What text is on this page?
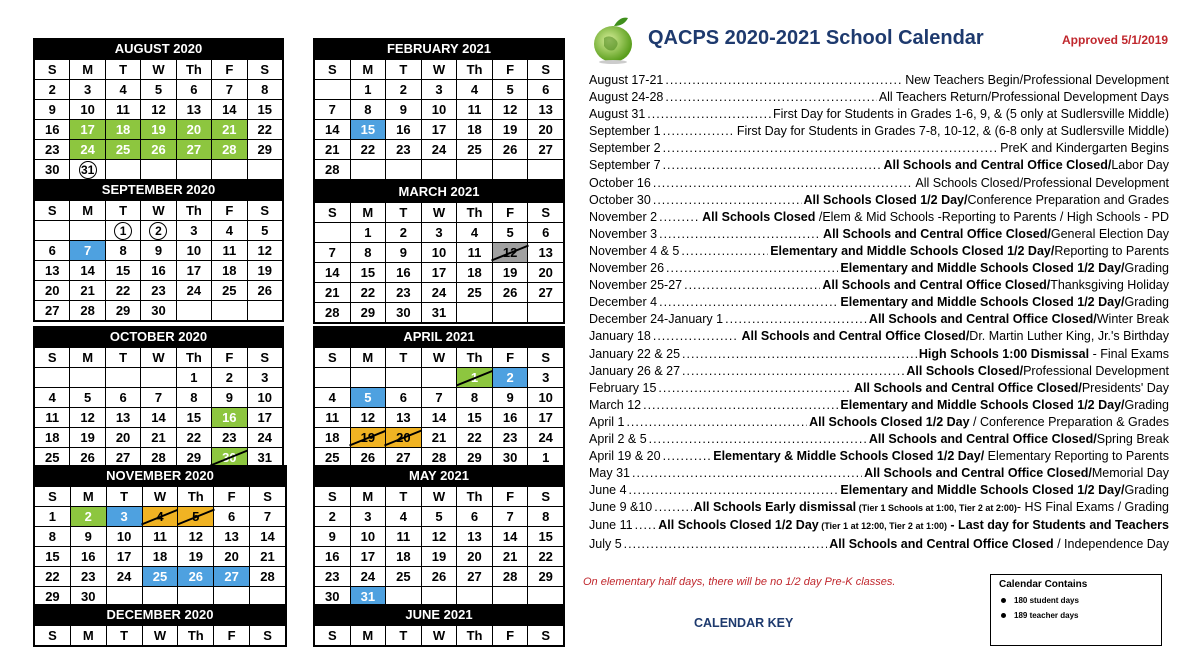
QACPS 2020-2021 School Calendar	Approved 5/1/2019
AUGUST 2020
S	M	T	W	Th	F	S
2	3	4	5	6	7	8
9	10	11	12	13	14	15
16	17	18	19	20	21	22
23	24	25	26	27	28	29
30	31					
SEPTEMBER 2020
S	M	T	W	Th	F	S
		1	2	3	4	5
6	7	8	9	10	11	12
13	14	15	16	17	18	19
20	21	22	23	24	25	26
27	28	29	30			
OCTOBER 2020
S	M	T	W	Th	F	S
				1	2	3
4	5	6	7	8	9	10
11	12	13	14	15	16	17
18	19	20	21	22	23	24
25	26	27	28	29	30	31
NOVEMBER 2020
S	M	T	W	Th	F	S
1	2	3	4	5	6	7
8	9	10	11	12	13	14
15	16	17	18	19	20	21
22	23	24	25	26	27	28
29	30					
DECEMBER 2020
S	M	T	W	Th	F	S
FEBRUARY 2021
S	M	T	W	Th	F	S
	1	2	3	4	5	6
7	8	9	10	11	12	13
14	15	16	17	18	19	20
21	22	23	24	25	26	27
28						
MARCH 2021
S	M	T	W	Th	F	S
	1	2	3	4	5	6
7	8	9	10	11	12	13
14	15	16	17	18	19	20
21	22	23	24	25	26	27
28	29	30	31			
APRIL 2021
S	M	T	W	Th	F	S
				1	2	3
4	5	6	7	8	9	10
11	12	13	14	15	16	17
18	19	20	21	22	23	24
25	26	27	28	29	30	1
MAY 2021
S	M	T	W	Th	F	S
2	3	4	5	6	7	8
9	10	11	12	13	14	15
16	17	18	19	20	21	22
23	24	25	26	27	28	29
30	31					
JUNE 2021
S	M	T	W	Th	F	S
August 17-21 .....	New Teachers Begin/Professional Development
August 24-28 .....	All Teachers Return/Professional Development Days
August 31 .....	First Day for Students in Grades 1-6, 9, & (5 only at Sudlersville Middle)
September 1 .....	First Day for Students in Grades 7-8, 10-12, & (6-8 only at Sudlersville Middle)
September 2 .....	PreK and Kindergarten Begins
September 7 .....	All Schools and Central Office Closed/Labor Day
October 16 .....	All Schools Closed/Professional Development
October 30 .....	All Schools Closed 1/2 Day/Conference Preparation and Grades
November 2 .....	All Schools Closed /Elem & Mid Schools -Reporting to Parents / High Schools - PD
November 3 .....	All Schools and Central Office Closed/General Election Day
November 4 & 5 .....	Elementary and Middle Schools Closed 1/2 Day/Reporting to Parents
November 26 .....	Elementary and Middle Schools Closed 1/2 Day/Grading
November 25-27 .....	All Schools and Central Office Closed/Thanksgiving Holiday
December 4 .....	Elementary and Middle Schools Closed 1/2 Day/Grading
December 24-January 1 .....	All Schools and Central Office Closed/Winter Break
January 18 .....	All Schools and Central Office Closed/Dr. Martin Luther King, Jr.'s Birthday
January 22 & 25 .....	High Schools 1:00 Dismissal - Final Exams
January 26 & 27 .....	All Schools Closed/Professional Development
February 15 .....	All Schools and Central Office Closed/Presidents' Day
March 12 .....	Elementary and Middle Schools Closed 1/2 Day/Grading
April 1 .....	All Schools Closed 1/2 Day / Conference Preparation & Grades
April 2 & 5 .....	All Schools and Central Office Closed/Spring Break
April 19 & 20 .....	Elementary & Middle Schools Closed 1/2 Day/ Elementary Reporting to Parents
May 31 .....	All Schools and Central Office Closed/Memorial Day
June 4 .....	Elementary and Middle Schools Closed 1/2 Day/Grading
June 9 &10 .....	All Schools Early dismissal (Tier 1 Schools at 1:00, Tier 2 at 2:00)- HS Final Exams / Grading
June 11 ..... All Schools Closed 1/2 Day (Tier 1 at 12:00, Tier 2 at 1:00) - Last day for Students and Teachers
July 5 .....	All Schools and Central Office Closed / Independence Day
On elementary half days, there will be no 1/2 day Pre-K classes.
CALENDAR KEY
Calendar Contains
180 student days
189 teacher days
